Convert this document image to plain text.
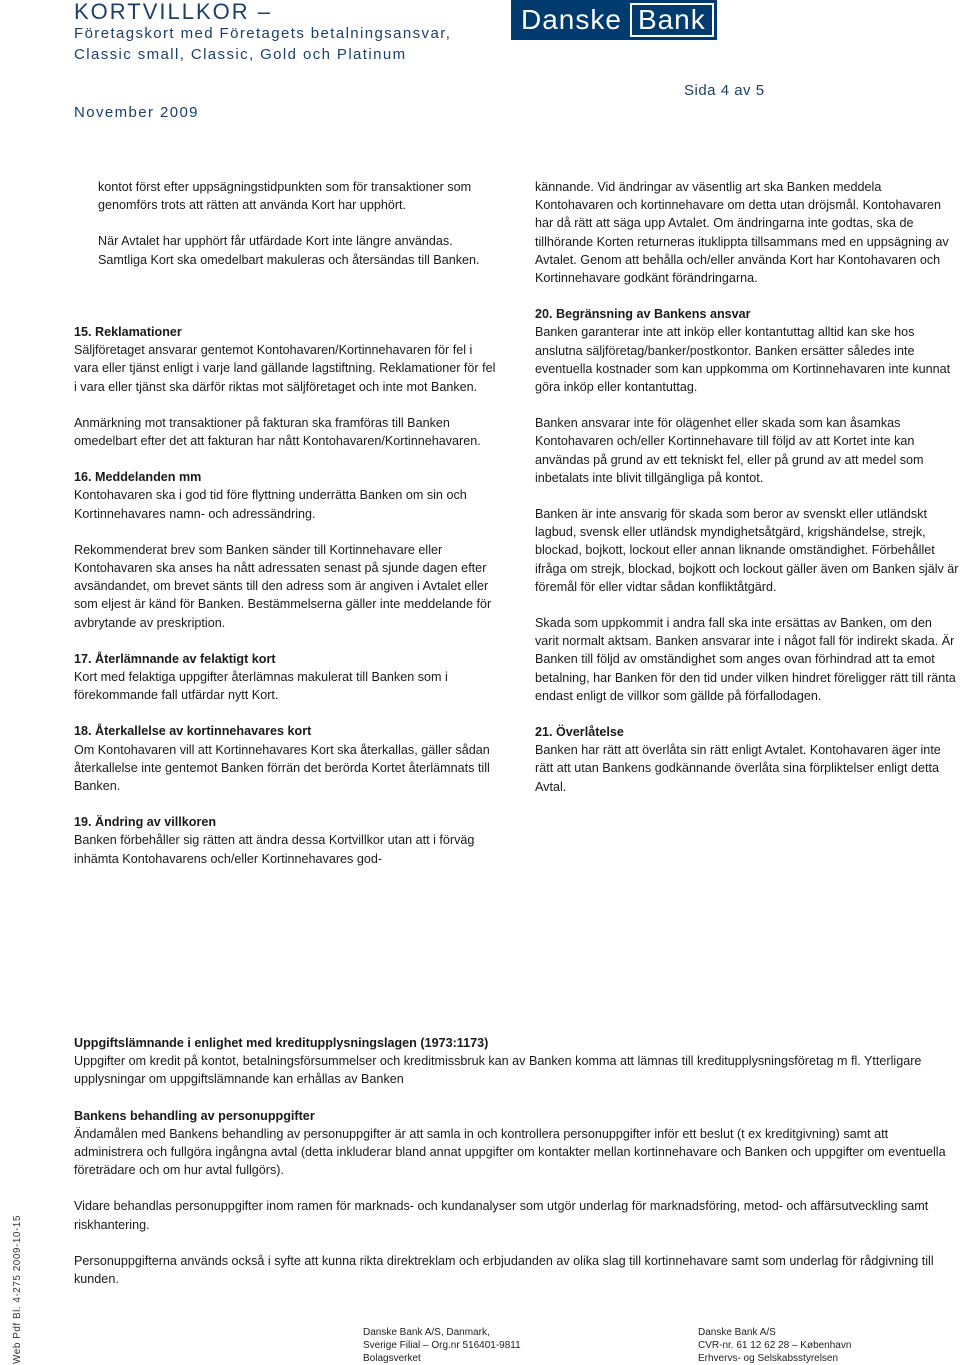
KORTVILLKOR –
Företagskort med Företagets betalningsansvar, Classic small, Classic, Gold och Platinum
November 2009
Sida 4 av 5
Danske Bank

kontot först efter uppsägningstidpunkten som för transaktioner som genomförs trots att rätten att använda Kort har upphört.

När Avtalet har upphört får utfärdade Kort inte längre användas. Samtliga Kort ska omedelbart makuleras och återsändas till Banken.

15. Reklamationer

Säljföretaget ansvarar gentemot Kontohavaren/Kortinnehavaren för fel i vara eller tjänst enligt i varje land gällande lagstiftning. Reklamationer för fel i vara eller tjänst ska därför riktas mot säljföretaget och inte mot Banken.

Anmärkning mot transaktioner på fakturan ska framföras till Banken omedelbart efter det att fakturan har nått Kontohavaren/Kortinnehavaren.

16. Meddelanden mm

Kontohavaren ska i god tid före flyttning underrätta Banken om sin och Kortinnehavares namn- och adressändring.

Rekommenderat brev som Banken sänder till Kortinnehavare eller Kontohavaren ska anses ha nått adressaten senast på sjunde dagen efter avsändandet, om brevet sänts till den adress som är angiven i Avtalet eller som eljest är känd för Banken. Bestämmelserna gäller inte meddelande för avbrytande av preskription.

17. Återlämnande av felaktigt kort

Kort med felaktiga uppgifter återlämnas makulerat till Banken som i förekommande fall utfärdar nytt Kort.

18. Återkallelse av kortinnehavares kort

Om Kontohavaren vill att Kortinnehavares Kort ska återkallas, gäller sådan återkallelse inte gentemot Banken förrän det berörda Kortet återlämnats till Banken.

19. Ändring av villkoren

Banken förbehåller sig rätten att ändra dessa Kortvillkor utan att i förväg inhämta Kontohavarens och/eller Kortinnehavares god-

kännande. Vid ändringar av väsentlig art ska Banken meddela Kontohavaren och kortinnehavare om detta utan dröjsmål. Kontohavaren har då rätt att säga upp Avtalet. Om ändringarna inte godtas, ska de tillhörande Korten returneras ituklippta tillsammans med en uppsägning av Avtalet. Genom att behålla och/eller använda Kort har Kontohavaren och Kortinnehavare godkänt förändringarna.

20. Begränsning av Bankens ansvar

Banken garanterar inte att inköp eller kontantuttag alltid kan ske hos anslutna säljföretag/banker/postkontor. Banken ersätter således inte eventuella kostnader som kan uppkomma om Kortinnehavaren inte kunnat göra inköp eller kontantuttag.

Banken ansvarar inte för olägenhet eller skada som kan åsamkas Kontohavaren och/eller Kortinnehavare till följd av att Kortet inte kan användas på grund av ett tekniskt fel, eller på grund av att medel som inbetalats inte blivit tillgängliga på kontot.

Banken är inte ansvarig för skada som beror av svenskt eller utländskt lagbud, svensk eller utländsk myndighetsåtgärd, krigshändelse, strejk, blockad, bojkott, lockout eller annan liknande omständighet. Förbehållet ifråga om strejk, blockad, bojkott och lockout gäller även om Banken själv är föremål för eller vidtar sådan konfliktåtgärd.

Skada som uppkommit i andra fall ska inte ersättas av Banken, om den varit normalt aktsam. Banken ansvarar inte i något fall för indirekt skada. Är Banken till följd av omständighet som anges ovan förhindrad att ta emot betalning, har Banken för den tid under vilken hindret föreligger rätt till ränta endast enligt de villkor som gällde på förfallodagen.

21. Överlåtelse

Banken har rätt att överlåta sin rätt enligt Avtalet. Kontohavaren äger inte rätt att utan Bankens godkännande överlåta sina förpliktelser enligt detta Avtal.

Uppgiftslämnande i enlighet med kreditupplysningslagen (1973:1173)

Uppgifter om kredit på kontot, betalningsförsummelser och kreditmissbruk kan av Banken komma att lämnas till kreditupplysningsföretag m fl. Ytterligare upplysningar om uppgiftslämnande kan erhållas av Banken

Bankens behandling av personuppgifter

Ändamålen med Bankens behandling av personuppgifter är att samla in och kontrollera personuppgifter inför ett beslut (t ex kreditgivning) samt att administrera och fullgöra ingångna avtal (detta inkluderar bland annat uppgifter om kontakter mellan kortinnehavare och Banken och uppgifter om eventuella företrädare och om hur avtal fullgörs).

Vidare behandlas personuppgifter inom ramen för marknads- och kundanalyser som utgör underlag för marknadsföring, metod- och affärsutveckling samt riskhantering.

Personuppgifterna används också i syfte att kunna rikta direktreklam och erbjudanden av olika slag till kortinnehavare samt som underlag för rådgivning till kunden.

Danske Bank A/S, Danmark,

Sverige Filial – Org.nr 516401-9811

Bolagsverket

Danske Bank A/S

CVR-nr. 61 12 62 28 – København

Erhvervs- og Selskabsstyrelsen

Web Pdf Bl. 4-275 2009-10-15
